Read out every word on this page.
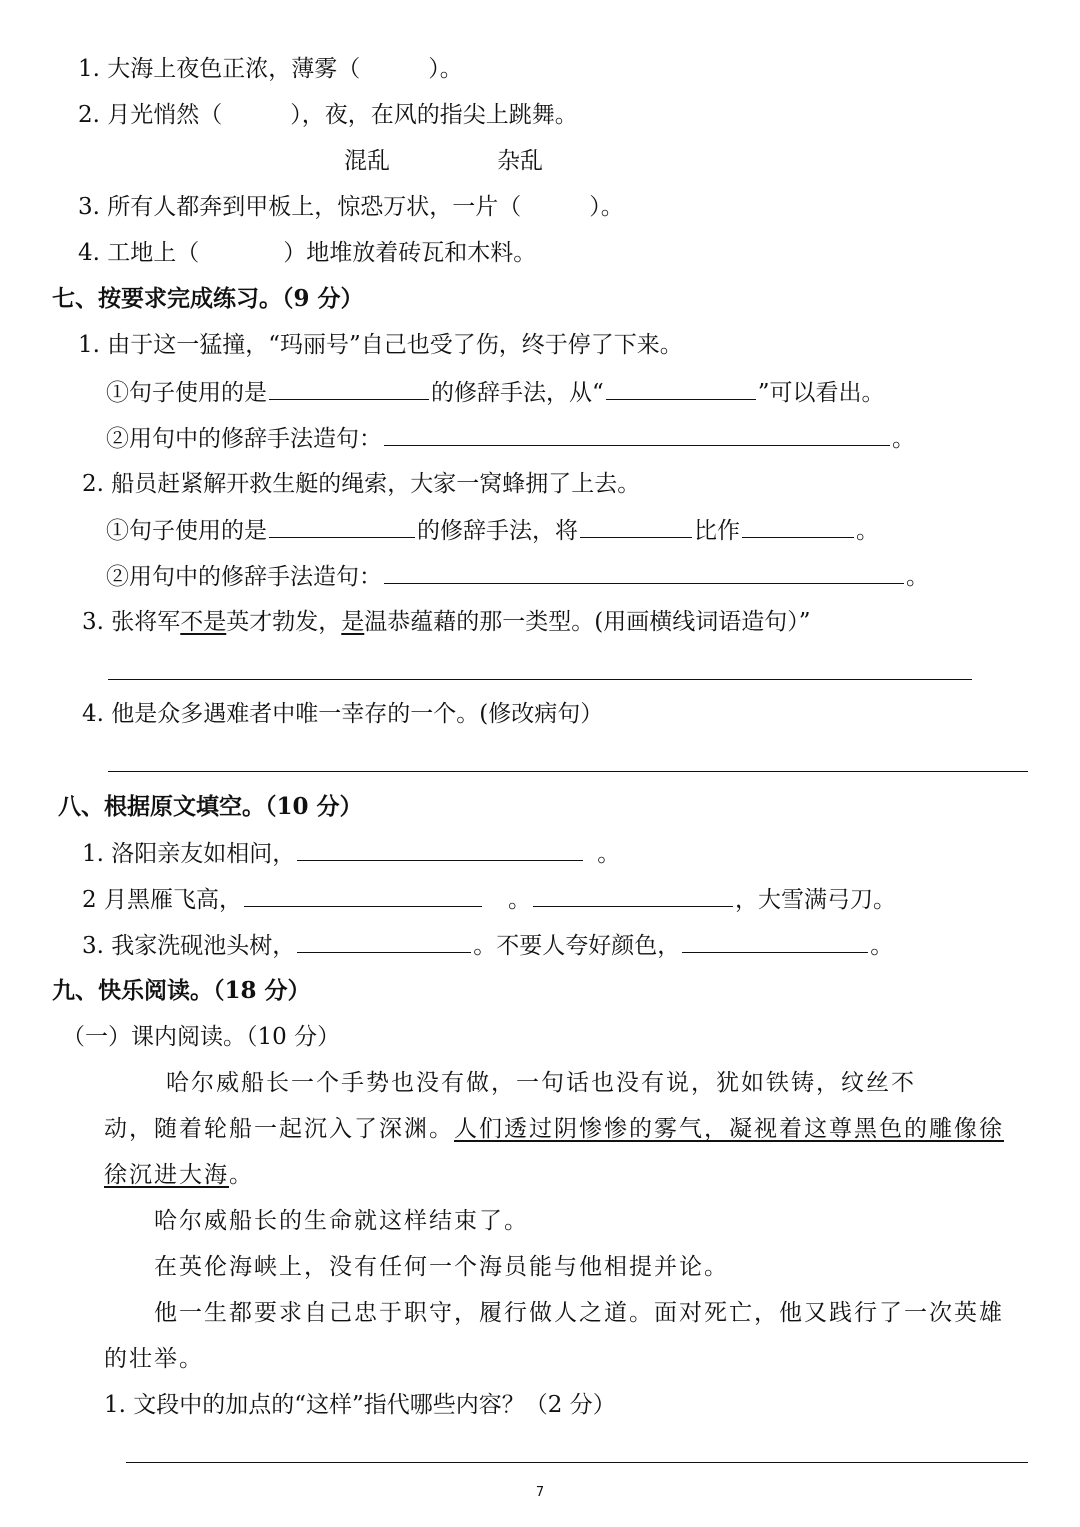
1. 大海上夜色正浓，薄雾（	）。
2. 月光悄然（	），夜，在风的指尖上跳舞。
混乱	杂乱
3. 所有人都奔到甲板上，惊恐万状，一片（	）。
4. 工地上（	）地堆放着砖瓦和木料。
七、按要求完成练习。（9 分）
1. 由于这一猛撞，“玛丽号”自己也受了伤，终于停了下来。
①句子使用的是	的修辞手法，从“	”可以看出。
②用句中的修辞手法造句：	。
2. 船员赶紧解开救生艇的绳索，大家一窝蜂拥了上去。
①句子使用的是	的修辞手法，将	比作	。
②用句中的修辞手法造句：	。
3. 张将军不是英才勃发，是温恭蕴藉的那一类型。(用画横线词语造句）”
4. 他是众多遇难者中唯一幸存的一个。(修改病句）
八、根据原文填空。（10 分）
1. 洛阳亲友如相问，	。
2 月黑雁飞高，	。	，大雪满弓刀。
3. 我家洗砚池头树，	。不要人夸好颜色，	。
九、快乐阅读。（18 分）
（一）课内阅读。（10 分）
哈尔威船长一个手势也没有做，一句话也没有说，犹如铁铸，纹丝不
动，随着轮船一起沉入了深渊。人们透过阴惨惨的雾气，凝视着这尊黑色的雕像徐
徐沉进大海。
哈尔威船长的生命就这样结束了。
在英伦海峡上，没有任何一个海员能与他相提并论。
他一生都要求自己忠于职守，履行做人之道。面对死亡，他又践行了一次英雄
的壮举。
1. 文段中的加点的“这样”指代哪些内容？（2 分）
7
